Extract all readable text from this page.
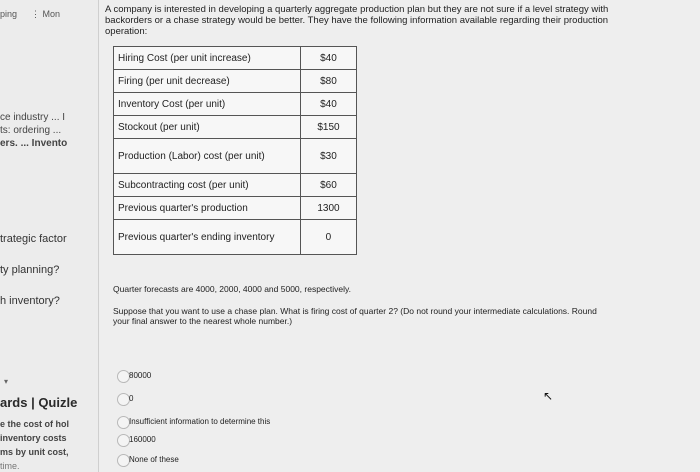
ping ⋮ Mon
ce industry ... I
ts: ordering ...
ers. ... Invento
trategic factor
ty planning?
h inventory?
▾
ards | Quizle
e the cost of hol
inventory costs
ms by unit cost,
time.
A company is interested in developing a quarterly aggregate production plan but they are not sure if a level strategy with backorders or a chase strategy would be better. They have the following information available regarding their production operation:
Hiring Cost (per unit increase)	$40
Firing (per unit decrease)	$80
Inventory Cost (per unit)	$40
Stockout (per unit)	$150
Production (Labor) cost (per unit)	$30
Subcontracting cost (per unit)	$60
Previous quarter's production	1300
Previous quarter's ending inventory	0
Quarter forecasts are 4000, 2000, 4000 and 5000, respectively.
Suppose that you want to use a chase plan. What is firing cost of quarter 2? (Do not round your intermediate calculations. Round your final answer to the nearest whole number.)
80000
0
Insufficient information to determine this
160000
None of these
↖
